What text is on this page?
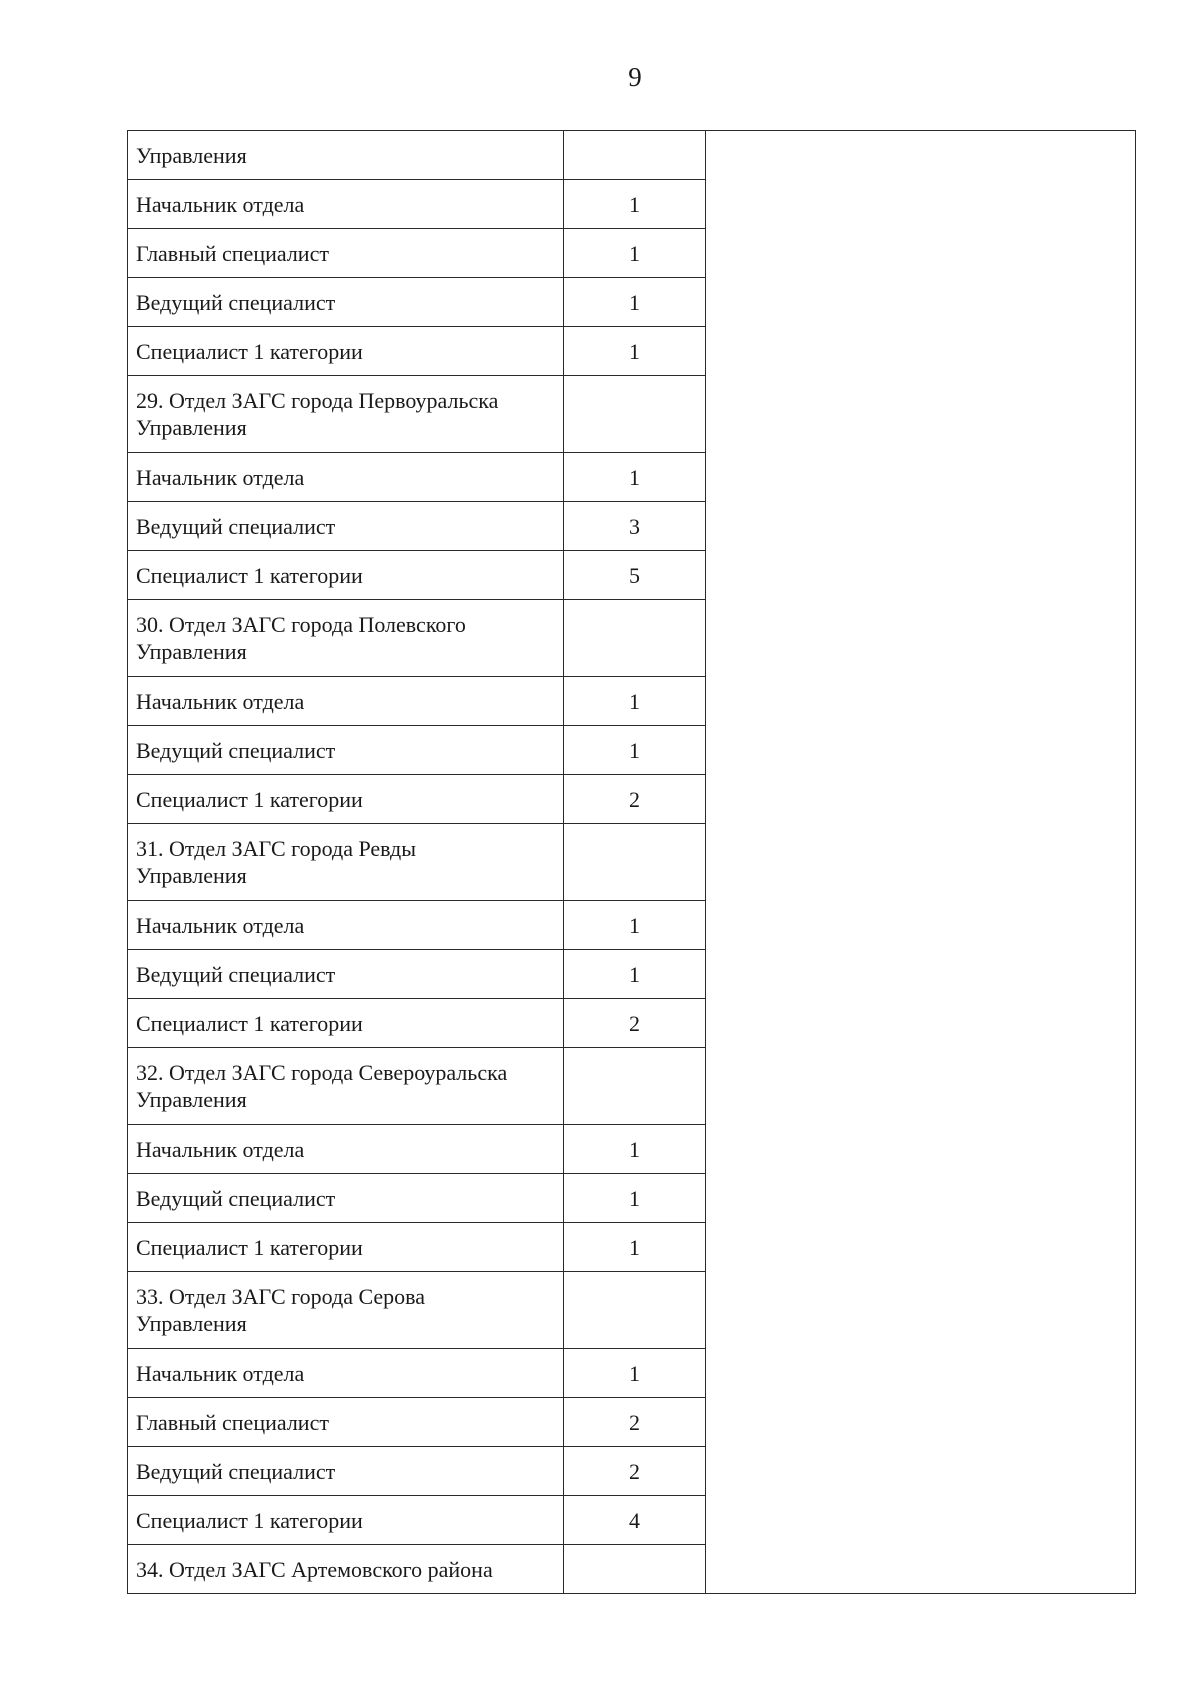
9
Управления		
Начальник отдела	1	
Главный специалист	1	
Ведущий специалист	1	
Специалист 1 категории	1	
29. Отдел ЗАГС города Первоуральска
Управления		
Начальник отдела	1	
Ведущий специалист	3	
Специалист 1 категории	5	
30. Отдел ЗАГС города Полевского
Управления		
Начальник отдела	1	
Ведущий специалист	1	
Специалист 1 категории	2	
31. Отдел ЗАГС города Ревды
Управления		
Начальник отдела	1	
Ведущий специалист	1	
Специалист 1 категории	2	
32. Отдел ЗАГС города Североуральска
Управления		
Начальник отдела	1	
Ведущий специалист	1	
Специалист 1 категории	1	
33. Отдел ЗАГС города Серова
Управления		
Начальник отдела	1	
Главный специалист	2	
Ведущий специалист	2	
Специалист 1 категории	4	
34. Отдел ЗАГС Артемовского района		
